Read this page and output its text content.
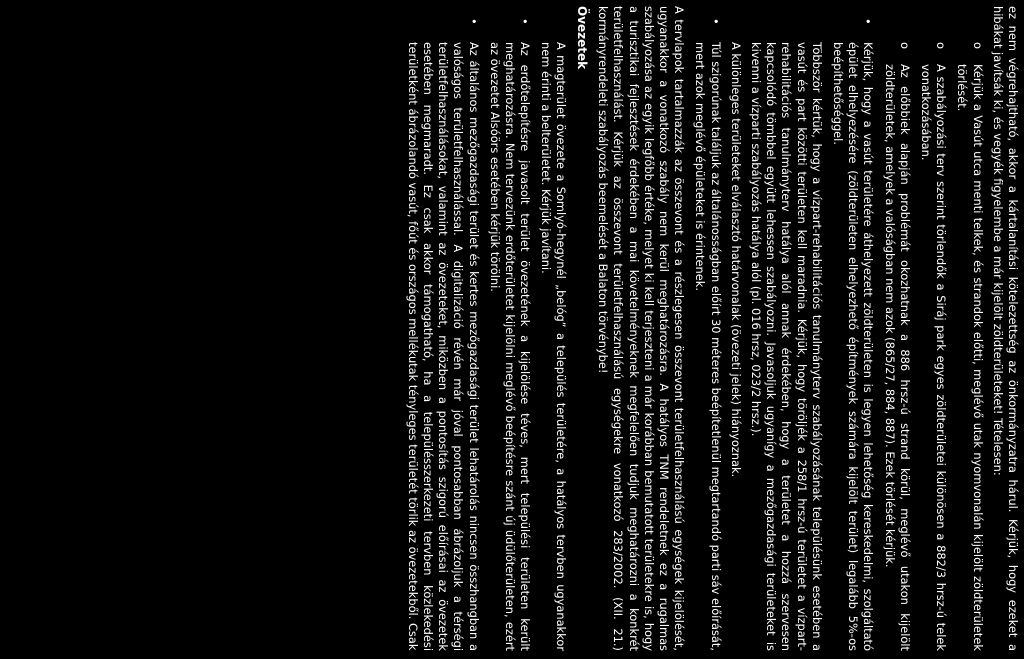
ez nem végrehajtható, akkor a kártalanítási kötelezettség az önkormányzatra hárul. Kérjük, hogy ezeket a hibákat javítsák ki, és vegyék figyelembe a már kijelölt zöldterületeket! Tételesen:

o
Kérjük a Vasút utca menti telkek, és strandok előtti, meglévő utak nyomvonalán kijelölt zöldterületek törlését.
o
A szabályozási terv szerint törlendők a Siráj park egyes zöldterületei különösen a 882/3 hrsz-ú telek vonatkozásában.
o
Az előbbiek alapján problémát okozhatnak a 886 hrsz-ú strand körül, meglévő utakon kijelölt zöldterületek, amelyek a valóságban nem azok (865/27, 884, 887). Ezek törlését kérjük.
•
Kérjük, hogy a vasút területére áthelyezett zöldterületen is legyen lehetőség kereskedelmi, szolgáltató épület elhelyezésére (zöldterületen elhelyezhető építmények számára kijelölt terület) legalább 5%-os beépíthetőséggel.

Többször kértük, hogy a vízpart-rehabilitációs tanulmányterv szabályozásának településünk esetében a vasút és part közötti területen kell maradnia. Kérjük, hogy töröljék a 258/1 hrsz-ú területet a vízpart-rehabilitációs tanulmányterv hatálya alól annak érdekében, hogy a területet a hozzá szervesen kapcsolódó tömbbel együtt lehessen szabályozni. Javasoljuk ugyanígy a mezőgazdasági területeket is kivenni a vízparti szabályozás hatálya alól (pl. 016 hrsz, 023/2 hrsz.).

A különleges területeket elválasztó határvonalak (övezeti jelek) hiányoznak.

•
Túl szigorúnak találjuk az általánosságban előírt 30 méteres beépítetlenül megtartandó parti sáv előírását, mert azok meglévő épületeket is érintenek.

A tervlapok tartalmazzák az összevont és a részlegesen összevont területfelhasználású egységek kijelölését, ugyanakkor a vonatkozó szabály nem kerül meghatározásra. A hatályos TNM rendeletnek ez a rugalmas szabályozása az egyik legfőbb értéke, melyet ki kell terjeszteni a már korábban bemutatott területekre is, hogy a turisztikai fejlesztések érdekében a mai követelményeknek megfelelően tudjuk meghatározni a konkrét területfelhasználást. Kérjük az összevont területfelhasználású egységekre vonatkozó 283/2002. (XII. 21.) kormányrendeleti szabályozás beemelését a Balaton törvénybe!

Övezetek

A magterület övezete a Somlyó-hegynél „belóg” a település területére, a hatályos tervben ugyanakkor nem érinti a belterületet. Kérjük javítani.

•
Az erdőtelepítésre javasolt terület övezetének a kijelölése téves, mert települési területen került meghatározásra. Nem tervezünk erdőterületet kijelölni meglévő beépítésre szánt új üdülőterületen, ezért az övezetet Alsóörs esetében kérjük törölni.
•
Az általános mezőgazdasági terület és kertes mezőgazdasági terület lehatárolás nincsen összhangban a valóságos területfelhasználással. A digitalizáció révén már jóval pontosabban ábrázoljuk a térségi területfelhasználásokat, valamint az övezeteket, miközben a pontosítás szigorú előírásai az övezetek esetében megmaradt. Ez csak akkor támogatható, ha a településszerkezeti tervben közlekedési területként ábrázolandó vasút, főút és országos mellékutak tényleges területét törlik az övezetekből. Csak
